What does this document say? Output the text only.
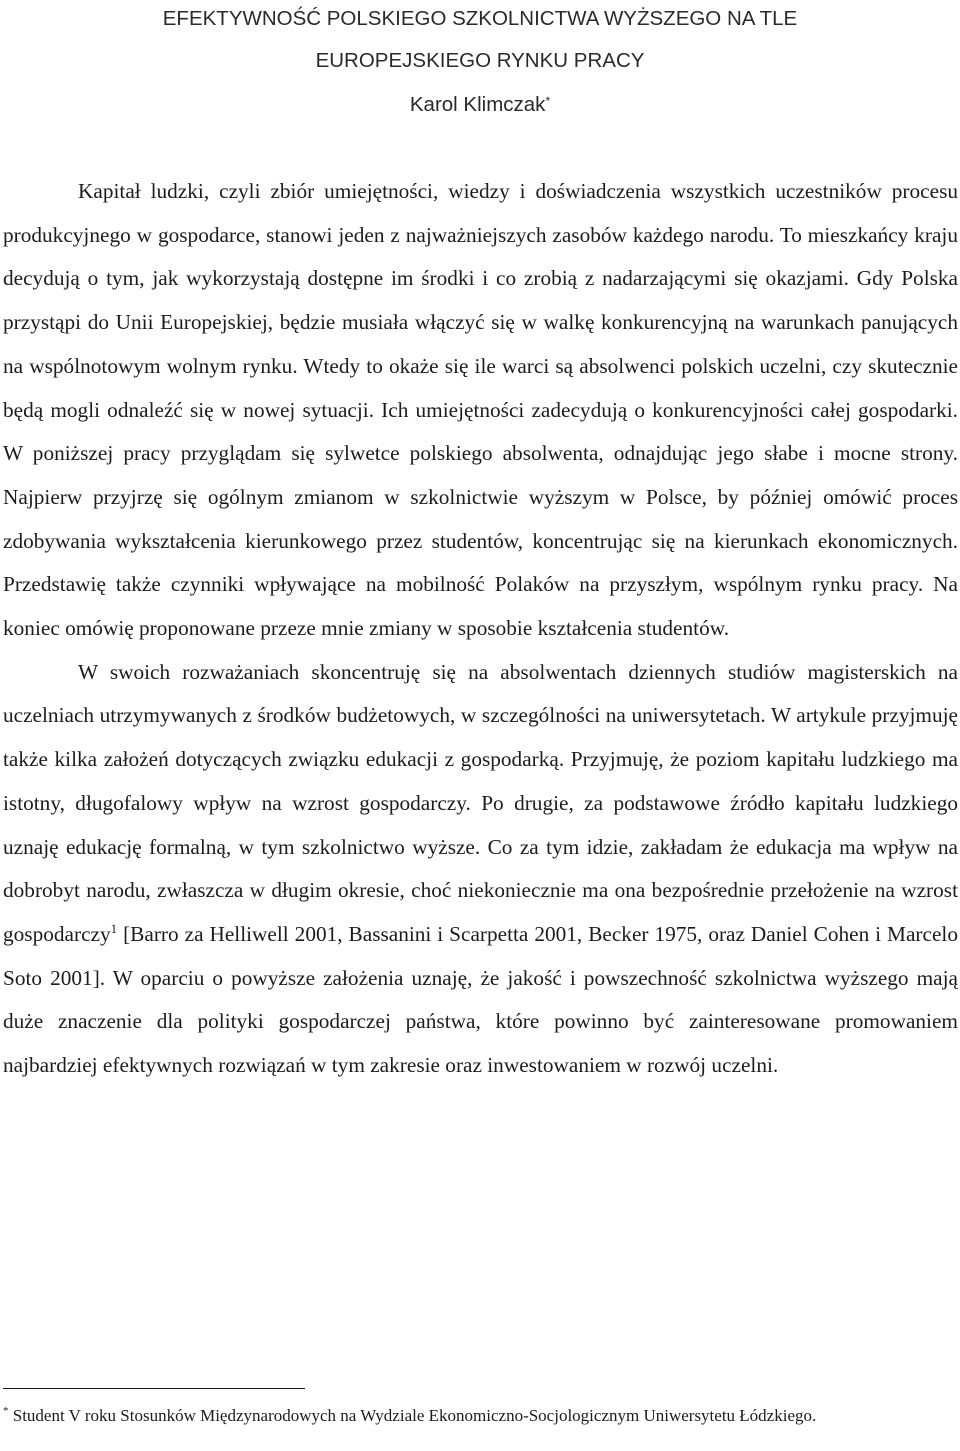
EFEKTYWNOŚĆ POLSKIEGO SZKOLNICTWA WYŻSZEGO NA TLE
EUROPEJSKIEGO RYNKU PRACY
Karol Klimczak*

Kapitał ludzki, czyli zbiór umiejętności, wiedzy i doświadczenia wszystkich uczestników procesu produkcyjnego w gospodarce, stanowi jeden z najważniejszych zasobów każdego narodu. To mieszkańcy kraju decydują o tym, jak wykorzystają dostępne im środki i co zrobią z nadarzającymi się okazjami. Gdy Polska przystąpi do Unii Europejskiej, będzie musiała włączyć się w walkę konkurencyjną na warunkach panujących na wspólnotowym wolnym rynku. Wtedy to okaże się ile warci są absolwenci polskich uczelni, czy skutecznie będą mogli odnaleźć się w nowej sytuacji. Ich umiejętności zadecydują o konkurencyjności całej gospodarki. W poniższej pracy przyglądam się sylwetce polskiego absolwenta, odnajdując jego słabe i mocne strony. Najpierw przyjrzę się ogólnym zmianom w szkolnictwie wyższym w Polsce, by później omówić proces zdobywania wykształcenia kierunkowego przez studentów, koncentrując się na kierunkach ekonomicznych. Przedstawię także czynniki wpływające na mobilność Polaków na przyszłym, wspólnym rynku pracy. Na koniec omówię proponowane przeze mnie zmiany w sposobie kształcenia studentów.

W swoich rozważaniach skoncentruję się na absolwentach dziennych studiów magisterskich na uczelniach utrzymywanych z środków budżetowych, w szczególności na uniwersytetach. W artykule przyjmuję także kilka założeń dotyczących związku edukacji z gospodarką. Przyjmuję, że poziom kapitału ludzkiego ma istotny, długofalowy wpływ na wzrost gospodarczy. Po drugie, za podstawowe źródło kapitału ludzkiego uznaję edukację formalną, w tym szkolnictwo wyższe. Co za tym idzie, zakładam że edukacja ma wpływ na dobrobyt narodu, zwłaszcza w długim okresie, choć niekoniecznie ma ona bezpośrednie przełożenie na wzrost gospodarczy$^1$ [Barro za Helliwell 2001, Bassanini i Scarpetta 2001, Becker 1975, oraz Daniel Cohen i Marcelo Soto 2001]. W oparciu o powyższe założenia uznaję, że jakość i powszechność szkolnictwa wyższego mają duże znaczenie dla polityki gospodarczej państwa, które powinno być zainteresowane promowaniem najbardziej efektywnych rozwiązań w tym zakresie oraz inwestowaniem w rozwój uczelni.

* Student V roku Stosunków Międzynarodowych na Wydziale Ekonomiczno-Socjologicznym Uniwersytetu Łódzkiego.
